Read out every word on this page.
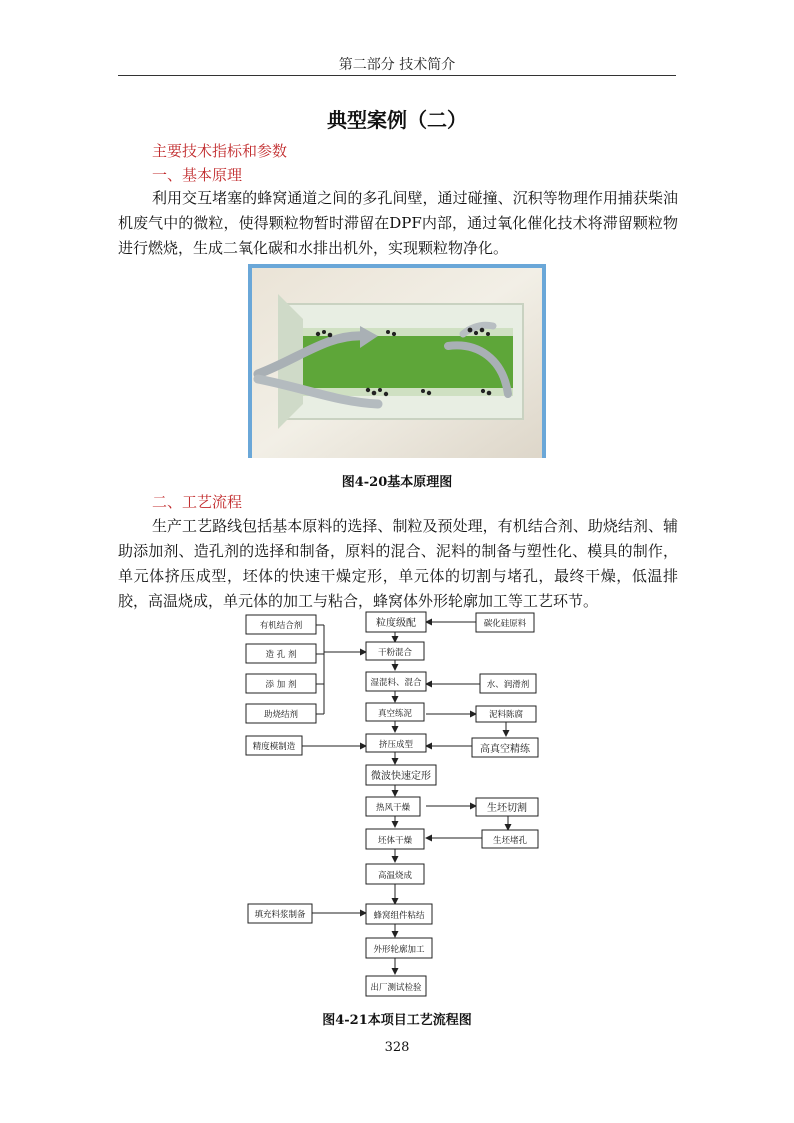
第二部分 技术简介
典型案例（二）
主要技术指标和参数
一、基本原理
利用交互堵塞的蜂窝通道之间的多孔间壁，通过碰撞、沉积等物理作用捕获柴油机废气中的微粒，使得颗粒物暂时滞留在DPF内部，通过氧化催化技术将滞留颗粒物进行燃烧，生成二氧化碳和水排出机外，实现颗粒物净化。
图4-20基本原理图
二、工艺流程
生产工艺路线包括基本原料的选择、制粒及预处理，有机结合剂、助烧结剂、辅助添加剂、造孔剂的选择和制备，原料的混合、泥料的制备与塑性化、模具的制作，单元体挤压成型，坯体的快速干燥定形，单元体的切割与堵孔，最终干燥，低温排胶，高温烧成，单元体的加工与粘合，蜂窝体外形轮廓加工等工艺环节。
有机结合剂
造 孔 剂
添 加 剂
助烧结剂
精度模制造
粒度级配
干粉混合
湿混料、混合
真空练泥
挤压成型
微波快速定形
热风干燥
坯体干燥
高温烧成
蜂窝组件粘结
外形轮廓加工
出厂测试检验
碳化硅原料
水、润滑剂
泥料陈腐
高真空精练
生坯切割
生坯堵孔
填充料浆制备
图4-21本项目工艺流程图
328
